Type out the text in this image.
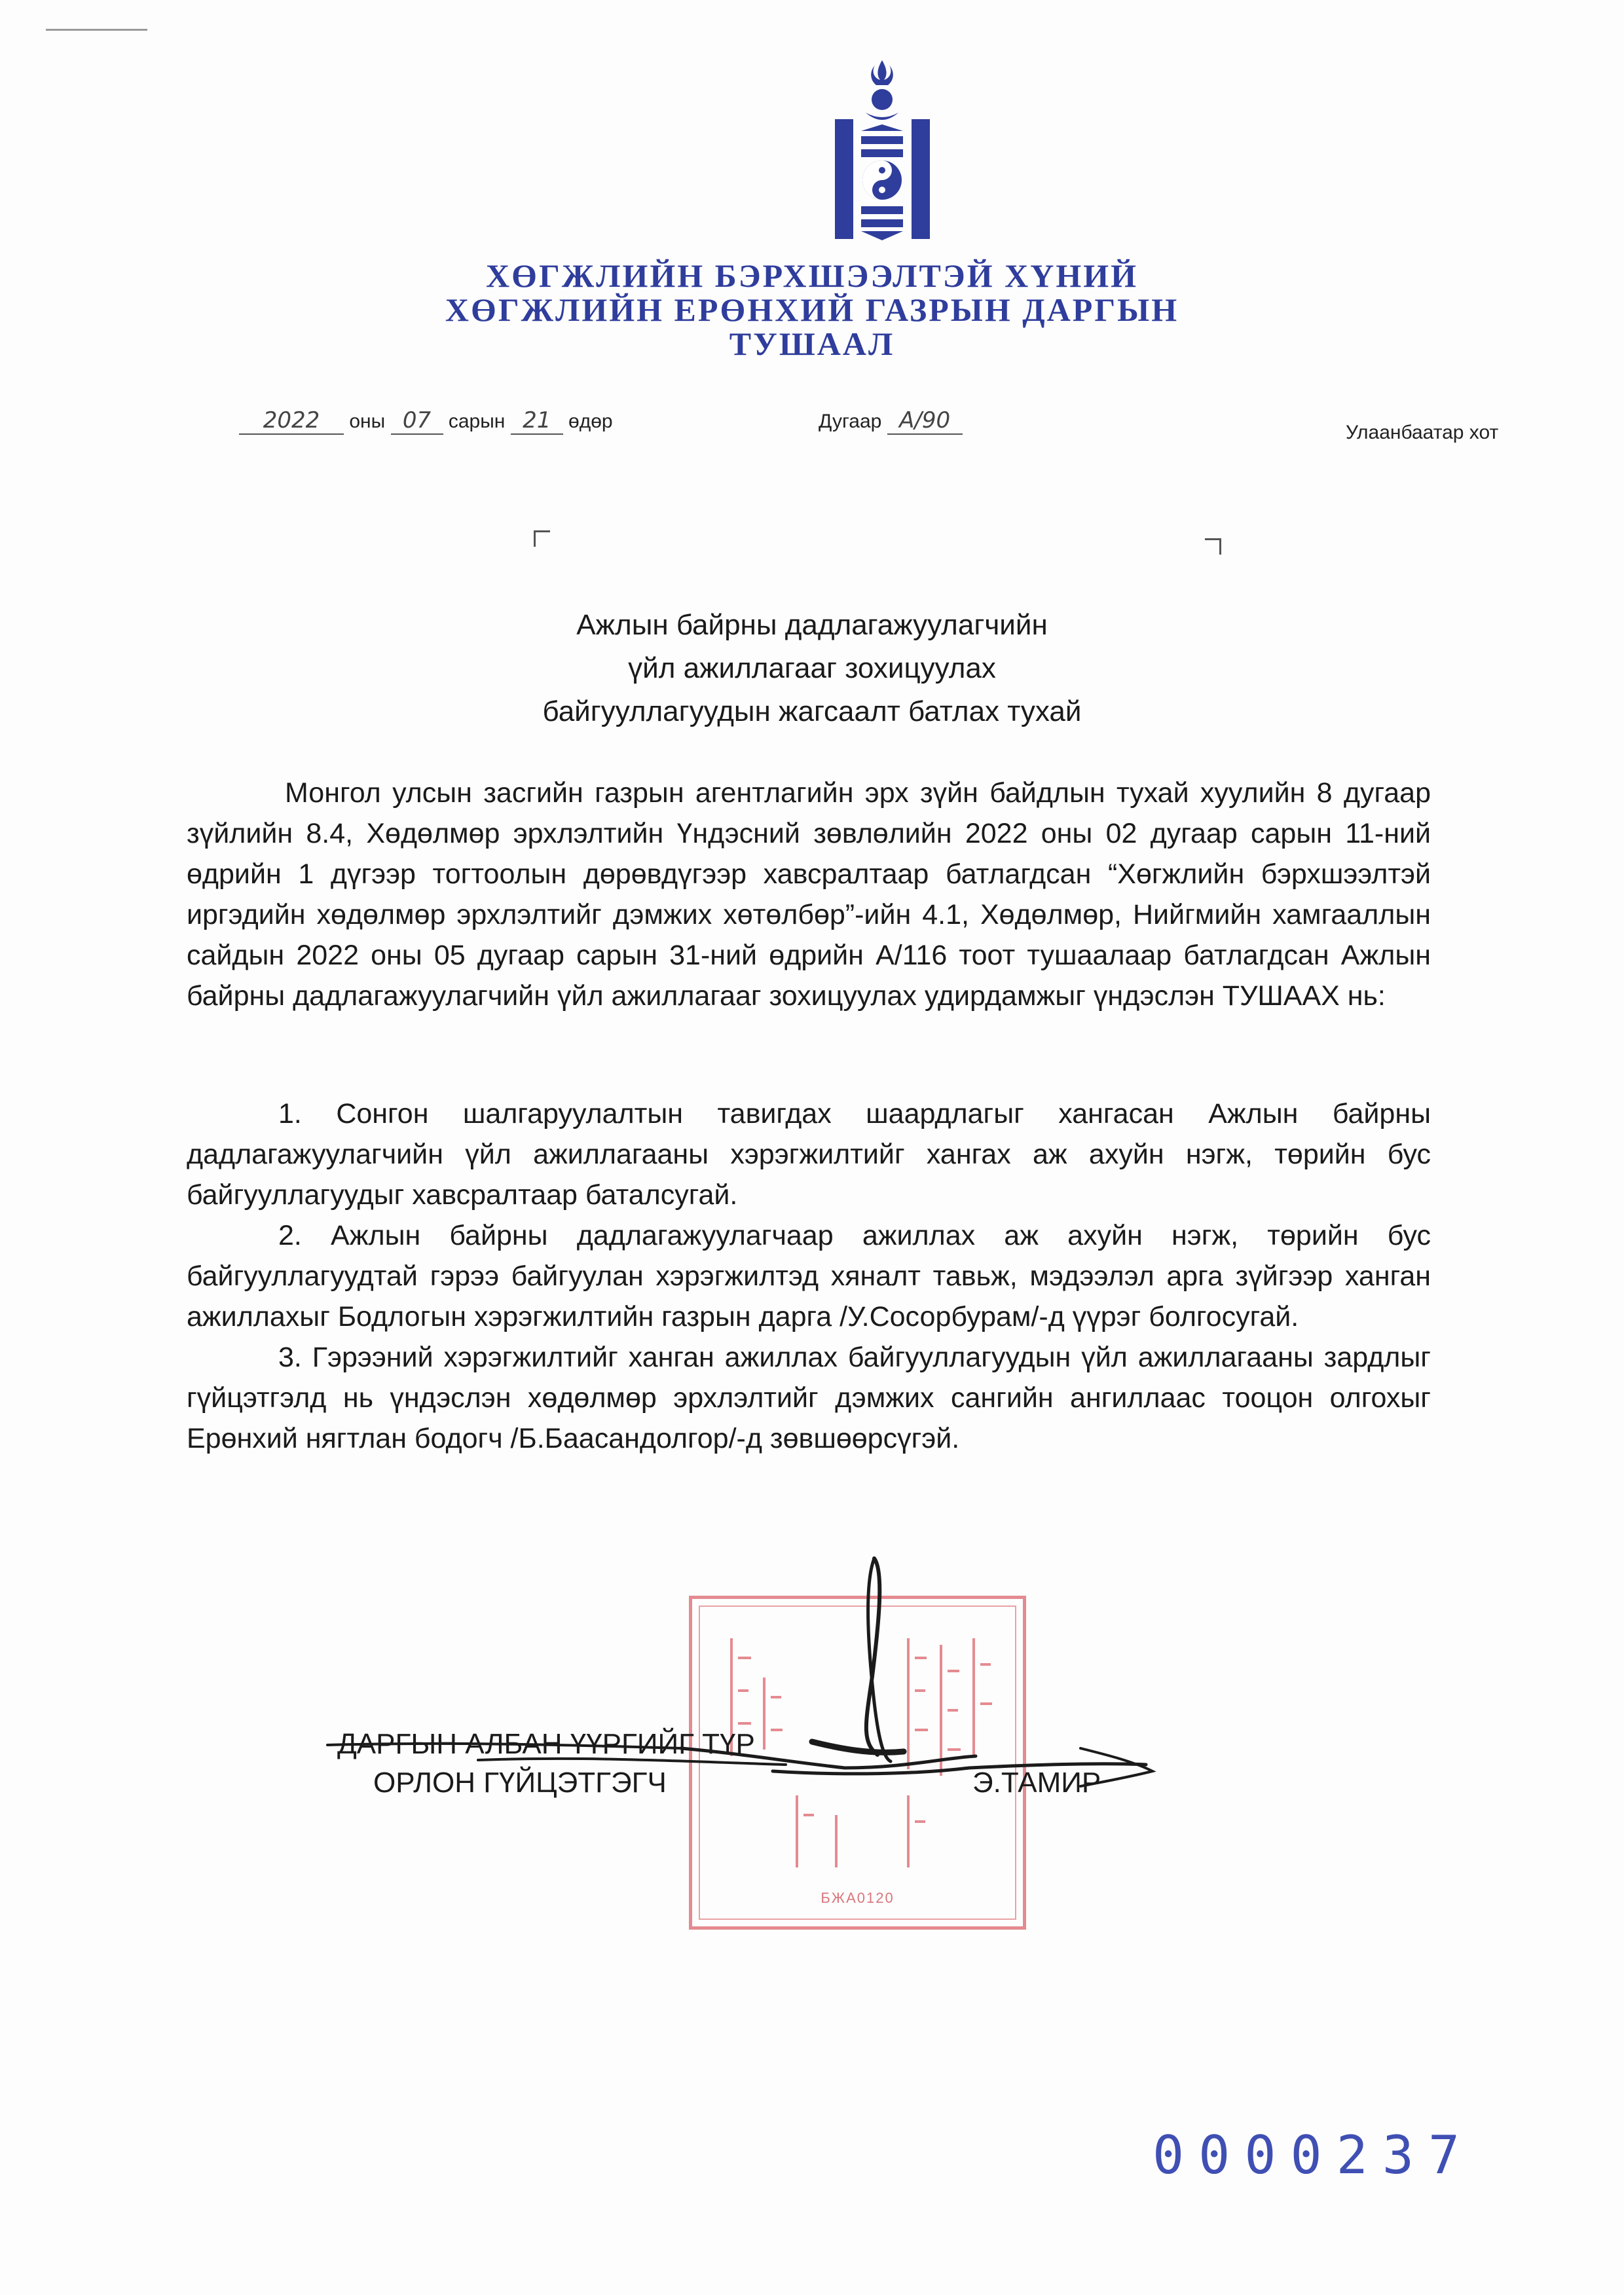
ХӨГЖЛИЙН БЭРХШЭЭЛТЭЙ ХҮНИЙ
ХӨГЖЛИЙН ЕРӨНХИЙ ГАЗРЫН ДАРГЫН
ТУШААЛ
2022 оны 07 сарын 21 өдөр	Дугаар А/90	Улаанбаатар хот
Ажлын байрны дадлагажуулагчийн
үйл ажиллагааг зохицуулах
байгууллагуудын жагсаалт батлах тухай

Монгол улсын засгийн газрын агентлагийн эрх зүйн байдлын тухай хуулийн 8 дугаар зүйлийн 8.4, Хөдөлмөр эрхлэлтийн Үндэсний зөвлөлийн 2022 оны 02 дугаар сарын 11-ний өдрийн 1 дүгээр тогтоолын дөрөвдүгээр хавсралтаар батлагдсан “Хөгжлийн бэрхшээлтэй иргэдийн хөдөлмөр эрхлэлтийг дэмжих хөтөлбөр”-ийн 4.1, Хөдөлмөр, Нийгмийн хамгааллын сайдын 2022 оны 05 дугаар сарын 31-ний өдрийн А/116 тоот тушаалаар батлагдсан Ажлын байрны дадлагажуулагчийн үйл ажиллагааг зохицуулах удирдамжыг үндэслэн ТУШААХ нь:

1. Сонгон шалгаруулалтын тавигдах шаардлагыг хангасан Ажлын байрны дадлагажуулагчийн үйл ажиллагааны хэрэгжилтийг хангах аж ахуйн нэгж, төрийн бус байгууллагуудыг хавсралтаар баталсугай.

2. Ажлын байрны дадлагажуулагчаар ажиллах аж ахуйн нэгж, төрийн бус байгууллагуудтай гэрээ байгуулан хэрэгжилтэд хяналт тавьж, мэдээлэл арга зүйгээр ханган ажиллахыг Бодлогын хэрэгжилтийн газрын дарга /У.Сосорбурам/-д үүрэг болгосугай.

3. Гэрээний хэрэгжилтийг ханган ажиллах байгууллагуудын үйл ажиллагааны зардлыг гүйцэтгэлд нь үндэслэн хөдөлмөр эрхлэлтийг дэмжих сангийн ангиллаас тооцон олгохыг Ерөнхий нягтлан бодогч /Б.Баасандолгор/-д зөвшөөрсүгэй.

БЖА0120
ДАРГЫН АЛБАН ҮҮРГИЙГ ТҮР
ОРЛОН ГҮЙЦЭТГЭГЧ	Э.ТАМИР
0000237
